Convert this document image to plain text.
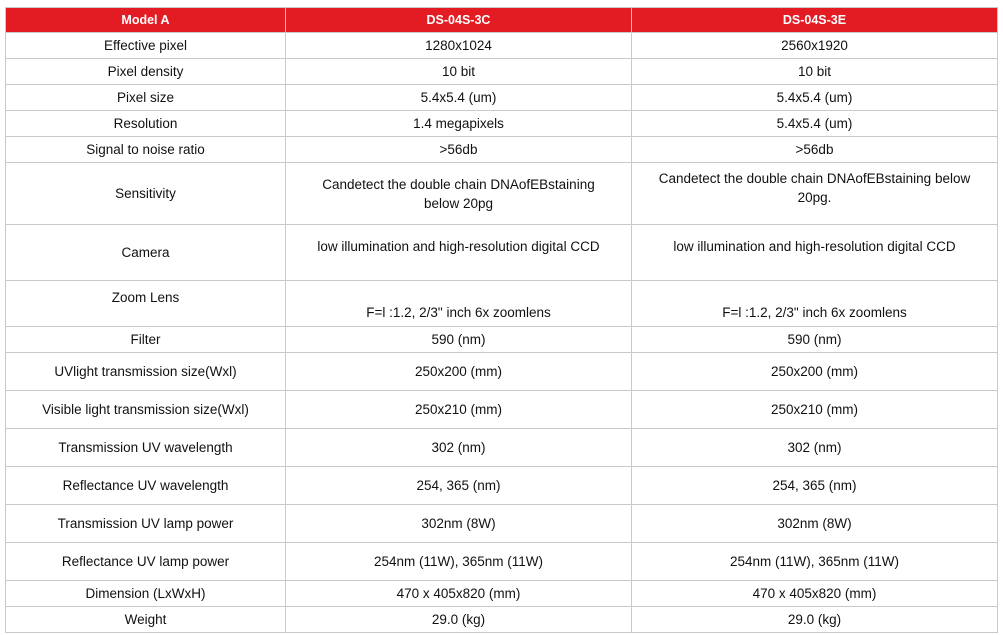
Model A	DS-04S-3C	DS-04S-3E
Effective pixel	1280x1024	2560x1920
Pixel density	10 bit	10 bit
Pixel size	5.4x5.4 (um)	5.4x5.4 (um)
Resolution	1.4 megapixels	5.4x5.4 (um)
Signal to noise ratio	>56db	>56db
Sensitivity	Candetect the double chain DNAofEBstaining below 20pg	Candetect the double chain DNAofEBstaining below 20pg.
Camera	low illumination and high-resolution digital CCD	low illumination and high-resolution digital CCD
Zoom Lens	F=l :1.2, 2/3" inch 6x zoomlens	F=l :1.2, 2/3" inch 6x zoomlens
Filter	590 (nm)	590 (nm)
UVlight transmission size(Wxl)	250x200 (mm)	250x200 (mm)
Visible light transmission size(Wxl)	250x210 (mm)	250x210 (mm)
Transmission UV wavelength	302 (nm)	302 (nm)
Reflectance UV wavelength	254, 365 (nm)	254, 365 (nm)
Transmission UV lamp power	302nm (8W)	302nm (8W)
Reflectance UV lamp power	254nm (11W), 365nm (11W)	254nm (11W), 365nm (11W)
Dimension (LxWxH)	470 x 405x820 (mm)	470 x 405x820 (mm)
Weight	29.0 (kg)	29.0 (kg)
